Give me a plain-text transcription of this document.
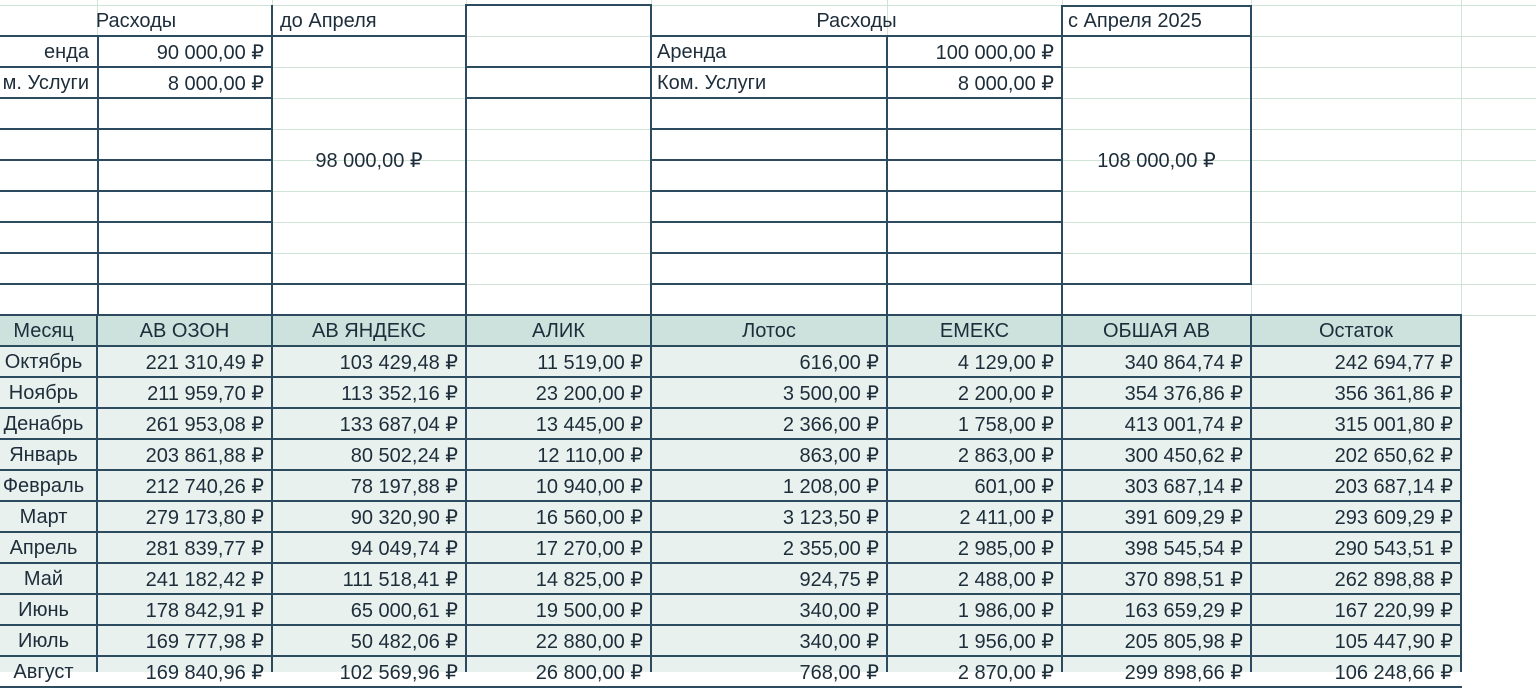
Расходы	до Апреля
енда	90 000,00 ₽
м. Услуги	8 000,00 ₽
98 000,00 ₽
Расходы	с Апреля 2025
Аренда	100 000,00 ₽
Ком. Услуги	8 000,00 ₽
108 000,00 ₽
Месяц	АВ ОЗОН	АВ ЯНДЕКС	АЛИК	Лотос	ЕМЕКС	ОБШАЯ АВ	Остаток
Октябрь	221 310,49 ₽	103 429,48 ₽	11 519,00 ₽	616,00 ₽	4 129,00 ₽	340 864,74 ₽	242 694,77 ₽
Ноябрь	211 959,70 ₽	113 352,16 ₽	23 200,00 ₽	3 500,00 ₽	2 200,00 ₽	354 376,86 ₽	356 361,86 ₽
Денабрь	261 953,08 ₽	133 687,04 ₽	13 445,00 ₽	2 366,00 ₽	1 758,00 ₽	413 001,74 ₽	315 001,80 ₽
Январь	203 861,88 ₽	80 502,24 ₽	12 110,00 ₽	863,00 ₽	2 863,00 ₽	300 450,62 ₽	202 650,62 ₽
Февраль	212 740,26 ₽	78 197,88 ₽	10 940,00 ₽	1 208,00 ₽	601,00 ₽	303 687,14 ₽	203 687,14 ₽
Март	279 173,80 ₽	90 320,90 ₽	16 560,00 ₽	3 123,50 ₽	2 411,00 ₽	391 609,29 ₽	293 609,29 ₽
Апрель	281 839,77 ₽	94 049,74 ₽	17 270,00 ₽	2 355,00 ₽	2 985,00 ₽	398 545,54 ₽	290 543,51 ₽
Май	241 182,42 ₽	111 518,41 ₽	14 825,00 ₽	924,75 ₽	2 488,00 ₽	370 898,51 ₽	262 898,88 ₽
Июнь	178 842,91 ₽	65 000,61 ₽	19 500,00 ₽	340,00 ₽	1 986,00 ₽	163 659,29 ₽	167 220,99 ₽
Июль	169 777,98 ₽	50 482,06 ₽	22 880,00 ₽	340,00 ₽	1 956,00 ₽	205 805,98 ₽	105 447,90 ₽
Август	169 840,96 ₽	102 569,96 ₽	26 800,00 ₽	768,00 ₽	2 870,00 ₽	299 898,66 ₽	106 248,66 ₽
